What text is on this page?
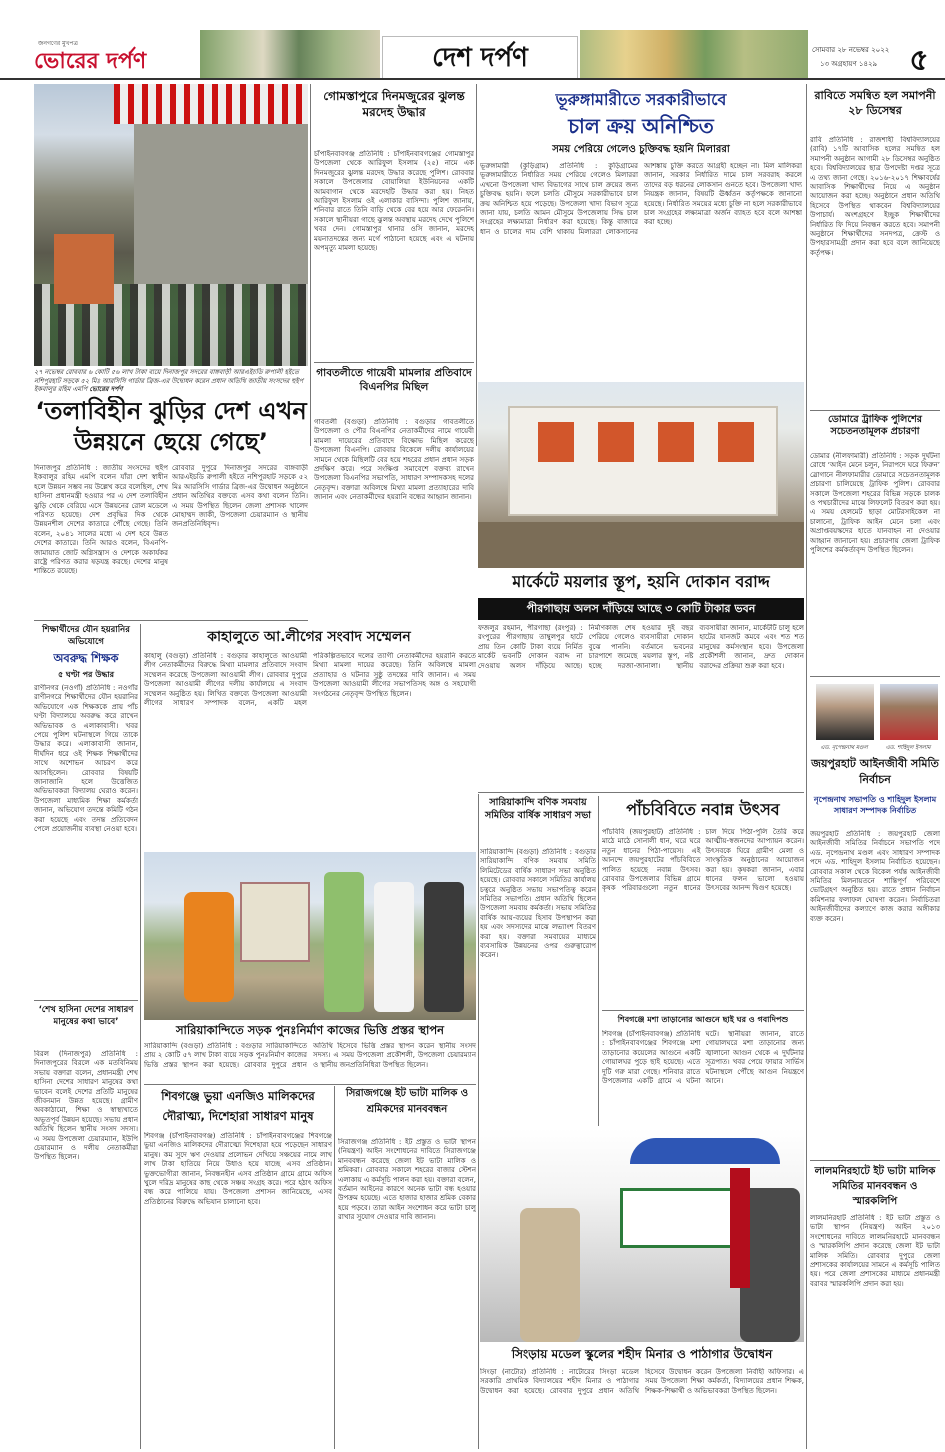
জনগণের মুখপত্র
ভোরের দর্পণ	দেশ দর্পণ	সোমবার ২৮ নভেম্বর ২০২২
১৩ অগ্রহায়ণ ১৪২৯	৫
২৭ নভেম্বর রোববার ৬ কোটি ৫৬ লাখ টাকা ব্যয়ে দিনাজপুর সদরের বাঙ্গবাড়ী আরএইচডি রুপালী হইতে নশিপুরহাট সড়কে ৫২ মিঃ আরসিসি গার্ডার ব্রিজ-এর উদ্বোধন করেন প্রধান অতিথি জাতীয় সংসদের হুইপ ইকবালুর রহিম এমপি ভোরের দর্পণ
‘তলাবিহীন ঝুড়ির দেশ এখন উন্নয়নে ছেয়ে গেছে’
দিনাজপুর প্রতিনিধি : জাতীয় সংসদের হুইপ ইকবালুর রহিম এমপি বলেন যাঁরা দেশ স্বাধীন হলে উন্নয়ন সম্ভব নয় উল্লেখ করে বলেছিল, শেখ হাসিনা প্রধানমন্ত্রী হওয়ার পর এ দেশ তলাবিহীন ঝুড়ি থেকে বেরিয়ে এসে উন্নয়নের রোল মডেলে পরিণত হয়েছে। দেশ প্রবৃদ্ধির দিক থেকে উন্নয়নশীল দেশের কাতারে পৌঁছে গেছে। তিনি বলেন, ২০৪১ সালের মধ্যে এ দেশ হবে উন্নত দেশের কাতারে। তিনি আরও বলেন, বিএনপি-জামায়াত জোট অগ্নিসন্ত্রাস ও দেশকে অকার্যকর রাষ্ট্রে পরিণত করার ষড়যন্ত্র করছে। দেশের মানুষ শান্তিতে রয়েছে।
রোববার দুপুরে দিনাজপুর সদরের বাঙ্গবাড়ী আরএইচডি রুপালী হইতে নশিপুরহাট সড়কে ৫২ মিঃ আরসিসি গার্ডার ব্রিজ-এর উদ্বোধন অনুষ্ঠানে প্রধান অতিথির বক্তব্যে এসব কথা বলেন তিনি। এ সময় উপস্থিত ছিলেন জেলা প্রশাসক খালেদ মোহাম্মদ জাকী, উপজেলা চেয়ারম্যান ও স্থানীয় জনপ্রতিনিধিবৃন্দ।
গোমস্তাপুরে দিনমজুরের ঝুলন্ত মরদেহ উদ্ধার
চাঁপাইনবাবগঞ্জ প্রতিনিধি : চাঁপাইনবাবগঞ্জের গোমস্তাপুর উপজেলা থেকে আরিফুল ইসলাম (২৫) নামে এক দিনমজুরের ঝুলন্ত মরদেহ উদ্ধার করেছে পুলিশ। রোববার সকালে উপজেলার বোয়ালিয়া ইউনিয়নের একটি আমবাগান থেকে মরদেহটি উদ্ধার করা হয়। নিহত আরিফুল ইসলাম ওই এলাকার বাসিন্দা। পুলিশ জানায়, শনিবার রাতে তিনি বাড়ি থেকে বের হয়ে আর ফেরেননি। সকালে স্থানীয়রা গাছে ঝুলন্ত অবস্থায় মরদেহ দেখে পুলিশে খবর দেন। গোমস্তাপুর থানার ওসি জানান, মরদেহ ময়নাতদন্তের জন্য মর্গে পাঠানো হয়েছে এবং এ ঘটনায় অপমৃত্যু মামলা হয়েছে।
গাবতলীতে গায়েবী মামলার প্রতিবাদে বিএনপির মিছিল
গাবতলী (বগুড়া) প্রতিনিধি : বগুড়ার গাবতলীতে উপজেলা ও পৌর বিএনপির নেতাকর্মীদের নামে গায়েবী মামলা দায়েরের প্রতিবাদে বিক্ষোভ মিছিল করেছে উপজেলা বিএনপি। রোববার বিকেলে দলীয় কার্যালয়ের সামনে থেকে মিছিলটি বের হয়ে শহরের প্রধান প্রধান সড়ক প্রদক্ষিণ করে। পরে সংক্ষিপ্ত সমাবেশে বক্তব্য রাখেন উপজেলা বিএনপির সভাপতি, সাধারণ সম্পাদকসহ দলের নেতৃবৃন্দ। বক্তারা অবিলম্বে মিথ্যা মামলা প্রত্যাহারের দাবি জানান এবং নেতাকর্মীদের হয়রানি বন্ধের আহ্বান জানান।
ভূরুঙ্গামারীতে সরকারীভাবে
চাল ক্রয় অনিশ্চিত
সময় পেরিয়ে গেলেও চুক্তিবদ্ধ হয়নি মিলাররা
ভূরুঙ্গামারী (কুড়িগ্রাম) প্রতিনিধি : কুড়িগ্রামের ভূরুঙ্গামারীতে নির্ধারিত সময় পেরিয়ে গেলেও মিলাররা এখনো উপজেলা খাদ্য বিভাগের সাথে চাল ক্রয়ের জন্য চুক্তিবদ্ধ হয়নি। ফলে চলতি মৌসুমে সরকারীভাবে চাল ক্রয় অনিশ্চিত হয়ে পড়েছে। উপজেলা খাদ্য বিভাগ সূত্রে জানা যায়, চলতি আমন মৌসুমে উপজেলায় সিদ্ধ চাল সংগ্রহের লক্ষ্যমাত্রা নির্ধারণ করা হয়েছে। কিন্তু বাজারে ধান ও চালের দাম বেশি থাকায় মিলাররা লোকসানের আশঙ্কায় চুক্তি করতে আগ্রহী হচ্ছেন না। মিল মালিকরা জানান, সরকার নির্ধারিত দামে চাল সরবরাহ করলে তাদের বড় ধরনের লোকসান গুনতে হবে। উপজেলা খাদ্য নিয়ন্ত্রক জানান, বিষয়টি ঊর্ধ্বতন কর্তৃপক্ষকে জানানো হয়েছে। নির্ধারিত সময়ের মধ্যে চুক্তি না হলে সরকারীভাবে চাল সংগ্রহের লক্ষ্যমাত্রা অর্জন ব্যাহত হবে বলে আশঙ্কা করা হচ্ছে।
রাবিতে সমন্বিত হল সমাপনী ২৮ ডিসেম্বর
রাবি প্রতিনিধি : রাজশাহী বিশ্ববিদ্যালয়ের (রাবি) ১৭টি আবাসিক হলের সমন্বিত হল সমাপনী অনুষ্ঠান আগামী ২৮ ডিসেম্বর অনুষ্ঠিত হবে। বিশ্ববিদ্যালয়ের ছাত্র উপদেষ্টা দপ্তর সূত্রে এ তথ্য জানা গেছে। ২০১৬-২০১৭ শিক্ষাবর্ষের আবাসিক শিক্ষার্থীদের নিয়ে এ অনুষ্ঠান আয়োজন করা হচ্ছে। অনুষ্ঠানে প্রধান অতিথি হিসেবে উপস্থিত থাকবেন বিশ্ববিদ্যালয়ের উপাচার্য। অংশগ্রহণে ইচ্ছুক শিক্ষার্থীদের নির্ধারিত ফি দিয়ে নিবন্ধন করতে হবে। সমাপনী অনুষ্ঠানে শিক্ষার্থীদের সনদপত্র, ক্রেস্ট ও উপহারসামগ্রী প্রদান করা হবে বলে জানিয়েছে কর্তৃপক্ষ।
ডোমারে ট্রাফিক পুলিশের সচেতনতামূলক প্রচারণা
ডোমার (নীলফামারী) প্রতিনিধি : সড়ক দুর্ঘটনা রোধে ‘আইন মেনে চলুন, নিরাপদে ঘরে ফিরুন’ স্লোগানে নীলফামারীর ডোমারে সচেতনতামূলক প্রচারণা চালিয়েছে ট্রাফিক পুলিশ। রোববার সকালে উপজেলা শহরের বিভিন্ন সড়কে চালক ও পথচারীদের মাঝে লিফলেট বিতরণ করা হয়। এ সময় হেলমেট ছাড়া মোটরসাইকেল না চালানো, ট্রাফিক আইন মেনে চলা এবং অপ্রাপ্তবয়স্কদের হাতে যানবাহন না দেওয়ার আহ্বান জানানো হয়। প্রচারণায় জেলা ট্রাফিক পুলিশের কর্মকর্তাবৃন্দ উপস্থিত ছিলেন।
মার্কেটে ময়লার স্তূপ, হয়নি দোকান বরাদ্দ
পীরগাছায় অলস দাঁড়িয়ে আছে ৩ কোটি টাকার ভবন
ফজলুর রহমান, পীরগাছা (রংপুর) : রংপুরের পীরগাছায় তাম্বুলপুর হাটে প্রায় তিন কোটি টাকা ব্যয়ে নির্মিত মার্কেট ভবনটি দোকান বরাদ্দ না দেওয়ায় অলস দাঁড়িয়ে আছে। নির্মাণকাজ শেষ হওয়ার দুই বছর পেরিয়ে গেলেও ব্যবসায়ীরা দোকান বুঝে পাননি। বর্তমানে ভবনের চারপাশে জমেছে ময়লার স্তূপ, নষ্ট হচ্ছে দরজা-জানালা। স্থানীয় ব্যবসায়ীরা জানান, মার্কেটটি চালু হলে হাটের যানজট কমবে এবং শত শত মানুষের কর্মসংস্থান হবে। উপজেলা প্রকৌশলী জানান, দ্রুত দোকান বরাদ্দের প্রক্রিয়া শুরু করা হবে।
শিক্ষার্থীদের যৌন হয়রানির অভিযোগে
অবরুদ্ধ শিক্ষক
৫ ঘণ্টা পর উদ্ধার
রাণীনগর (নওগাঁ) প্রতিনিধি : নওগাঁর রাণীনগরে শিক্ষার্থীদের যৌন হয়রানির অভিযোগে এক শিক্ষককে প্রায় পাঁচ ঘণ্টা বিদ্যালয়ে অবরুদ্ধ করে রাখেন অভিভাবক ও এলাকাবাসী। খবর পেয়ে পুলিশ ঘটনাস্থলে গিয়ে তাকে উদ্ধার করে। এলাকাবাসী জানান, দীর্ঘদিন ধরে ওই শিক্ষক শিক্ষার্থীদের সাথে অশোভন আচরণ করে আসছিলেন। রোববার বিষয়টি জানাজানি হলে উত্তেজিত অভিভাবকরা বিদ্যালয় ঘেরাও করেন। উপজেলা মাধ্যমিক শিক্ষা কর্মকর্তা জানান, অভিযোগ তদন্তে কমিটি গঠন করা হয়েছে এবং তদন্ত প্রতিবেদন পেলে প্রয়োজনীয় ব্যবস্থা নেওয়া হবে।
‘শেখ হাসিনা দেশের সাধারণ মানুষের কথা ভাবে’
বিরল (দিনাজপুর) প্রতিনিধি : দিনাজপুরের বিরলে এক মতবিনিময় সভায় বক্তারা বলেন, প্রধানমন্ত্রী শেখ হাসিনা দেশের সাধারণ মানুষের কথা ভাবেন বলেই দেশের প্রতিটি মানুষের জীবনমান উন্নত হয়েছে। গ্রামীণ অবকাঠামো, শিক্ষা ও স্বাস্থ্যখাতে অভূতপূর্ব উন্নয়ন হয়েছে। সভায় প্রধান অতিথি ছিলেন স্থানীয় সংসদ সদস্য। এ সময় উপজেলা চেয়ারম্যান, ইউপি চেয়ারম্যান ও দলীয় নেতাকর্মীরা উপস্থিত ছিলেন।
কাহালুতে আ.লীগের সংবাদ সম্মেলন
কাহালু (বগুড়া) প্রতিনিধি : বগুড়ার কাহালুতে আওয়ামী লীগ নেতাকর্মীদের বিরুদ্ধে মিথ্যা মামলার প্রতিবাদে সংবাদ সম্মেলন করেছে উপজেলা আওয়ামী লীগ। রোববার দুপুরে উপজেলা আওয়ামী লীগের দলীয় কার্যালয়ে এ সংবাদ সম্মেলন অনুষ্ঠিত হয়। লিখিত বক্তব্যে উপজেলা আওয়ামী লীগের সাধারণ সম্পাদক বলেন, একটি মহল পরিকল্পিতভাবে দলের ত্যাগী নেতাকর্মীদের হয়রানি করতে মিথ্যা মামলা দায়ের করেছে। তিনি অবিলম্বে মামলা প্রত্যাহার ও ঘটনার সুষ্ঠু তদন্তের দাবি জানান। এ সময় উপজেলা আওয়ামী লীগের সভাপতিসহ অঙ্গ ও সহযোগী সংগঠনের নেতৃবৃন্দ উপস্থিত ছিলেন।
সারিয়াকান্দিতে সড়ক পুনঃনির্মাণ কাজের ভিত্তি প্রস্তর স্থাপন
সারিয়াকান্দি (বগুড়া) প্রতিনিধি : বগুড়ার সারিয়াকান্দিতে প্রায় ২ কোটি ৫৭ লাখ টাকা ব্যয়ে সড়ক পুনঃনির্মাণ কাজের ভিত্তি প্রস্তর স্থাপন করা হয়েছে। রোববার দুপুরে প্রধান অতিথি হিসেবে ভিত্তি প্রস্তর স্থাপন করেন স্থানীয় সংসদ সদস্য। এ সময় উপজেলা প্রকৌশলী, উপজেলা চেয়ারম্যান ও স্থানীয় জনপ্রতিনিধিরা উপস্থিত ছিলেন।
শিবগঞ্জে ভুয়া এনজিও মালিকদের দৌরাত্ম্য, দিশেহারা সাধারণ মানুষ
শিবগঞ্জ (চাঁপাইনবাবগঞ্জ) প্রতিনিধি : চাঁপাইনবাবগঞ্জের শিবগঞ্জে ভুয়া এনজিও মালিকদের দৌরাত্ম্যে দিশেহারা হয়ে পড়েছেন সাধারণ মানুষ। কম সুদে ঋণ দেওয়ার প্রলোভন দেখিয়ে সঞ্চয়ের নামে লাখ লাখ টাকা হাতিয়ে নিয়ে উধাও হয়ে যাচ্ছে এসব প্রতিষ্ঠান। ভুক্তভোগীরা জানান, নিবন্ধনহীন এসব প্রতিষ্ঠান গ্রামে গ্রামে অফিস খুলে দরিদ্র মানুষের কাছ থেকে সঞ্চয় সংগ্রহ করে। পরে হঠাৎ অফিস বন্ধ করে পালিয়ে যায়। উপজেলা প্রশাসন জানিয়েছে, এসব প্রতিষ্ঠানের বিরুদ্ধে অভিযান চালানো হবে।
সিরাজগঞ্জে ইট ভাটা মালিক ও শ্রমিকদের মানববন্ধন
সিরাজগঞ্জ প্রতিনিধি : ইট প্রস্তুত ও ভাটা স্থাপন (নিয়ন্ত্রণ) আইন সংশোধনের দাবিতে সিরাজগঞ্জে মানববন্ধন করেছে জেলা ইট ভাটা মালিক ও শ্রমিকরা। রোববার সকালে শহরের বাজার স্টেশন এলাকায় এ কর্মসূচি পালন করা হয়। বক্তারা বলেন, বর্তমান আইনের কারণে অনেক ভাটা বন্ধ হওয়ার উপক্রম হয়েছে। এতে হাজার হাজার শ্রমিক বেকার হয়ে পড়বে। তারা আইন সংশোধন করে ভাটা চালু রাখার সুযোগ দেওয়ার দাবি জানান।
সারিয়াকান্দি বণিক সমবায় সমিতির বার্ষিক সাধারণ সভা
সারিয়াকান্দি (বগুড়া) প্রতিনিধি : বগুড়ার সারিয়াকান্দি বণিক সমবায় সমিতি লিমিটেডের বার্ষিক সাধারণ সভা অনুষ্ঠিত হয়েছে। রোববার সকালে সমিতির কার্যালয় চত্বরে অনুষ্ঠিত সভায় সভাপতিত্ব করেন সমিতির সভাপতি। প্রধান অতিথি ছিলেন উপজেলা সমবায় কর্মকর্তা। সভায় সমিতির বার্ষিক আয়-ব্যয়ের হিসাব উপস্থাপন করা হয় এবং সদস্যদের মাঝে লভ্যাংশ বিতরণ করা হয়। বক্তারা সমবায়ের মাধ্যমে ব্যবসায়িক উন্নয়নের ওপর গুরুত্বারোপ করেন।
পাঁচবিবিতে নবান্ন উৎসব
পাঁচবিবি (জয়পুরহাট) প্রতিনিধি : মাঠে মাঠে সোনালী ধান, ঘরে ঘরে নতুন ধানের পিঠা-পায়েস। এই আনন্দে জয়পুরহাটের পাঁচবিবিতে পালিত হয়েছে নবান্ন উৎসব। রোববার উপজেলার বিভিন্ন গ্রামে কৃষক পরিবারগুলো নতুন ধানের চাল দিয়ে পিঠা-পুলি তৈরি করে আত্মীয়-স্বজনদের আপ্যায়ন করেন। উৎসবকে ঘিরে গ্রামীণ মেলা ও সাংস্কৃতিক অনুষ্ঠানের আয়োজন করা হয়। কৃষকরা জানান, এবার ধানের ফলন ভালো হওয়ায় উৎসবের আনন্দ দ্বিগুণ হয়েছে।
শিবগঞ্জে মশা তাড়ানোর আগুনে ছাই ঘর ও গবাদিপশু
শিবগঞ্জ (চাঁপাইনবাবগঞ্জ) প্রতিনিধি : চাঁপাইনবাবগঞ্জের শিবগঞ্জে মশা তাড়ানোর কয়েলের আগুনে একটি গোয়ালঘর পুড়ে ছাই হয়েছে। এতে দুটি গরু মারা গেছে। শনিবার রাতে উপজেলার একটি গ্রামে এ ঘটনা ঘটে। স্থানীয়রা জানান, রাতে গোয়ালঘরে মশা তাড়ানোর জন্য জ্বালানো আগুন থেকে এ দুর্ঘটনার সূত্রপাত। খবর পেয়ে ফায়ার সার্ভিস ঘটনাস্থলে পৌঁছে আগুন নিয়ন্ত্রণে আনে।
সিংড়ায় মডেল স্কুলের শহীদ মিনার ও পাঠাগার উদ্বোধন
সিংড়া (নাটোর) প্রতিনিধি : নাটোরের সিংড়া মডেল সরকারি প্রাথমিক বিদ্যালয়ের শহীদ মিনার ও পাঠাগার উদ্বোধন করা হয়েছে। রোববার দুপুরে প্রধান অতিথি হিসেবে উদ্বোধন করেন উপজেলা নির্বাহী অফিসার। এ সময় উপজেলা শিক্ষা কর্মকর্তা, বিদ্যালয়ের প্রধান শিক্ষক, শিক্ষক-শিক্ষার্থী ও অভিভাবকরা উপস্থিত ছিলেন।
এড. নৃপেন্দ্রনাথ মণ্ডল	এড. শাহিদুল ইসলাম
জয়পুরহাট আইনজীবী সমিতি নির্বাচন
নৃপেন্দ্রনাথ সভাপতি ও শাহিদুল ইসলাম সাধারণ সম্পাদক নির্বাচিত
জয়পুরহাট প্রতিনিধি : জয়পুরহাট জেলা আইনজীবী সমিতির নির্বাচনে সভাপতি পদে এড. নৃপেন্দ্রনাথ মণ্ডল এবং সাধারণ সম্পাদক পদে এড. শাহিদুল ইসলাম নির্বাচিত হয়েছেন। রোববার সকাল থেকে বিকেল পর্যন্ত আইনজীবী সমিতির মিলনায়তনে শান্তিপূর্ণ পরিবেশে ভোটগ্রহণ অনুষ্ঠিত হয়। রাতে প্রধান নির্বাচন কমিশনার ফলাফল ঘোষণা করেন। নির্বাচিতরা আইনজীবীদের কল্যাণে কাজ করার অঙ্গীকার ব্যক্ত করেন।
লালমনিরহাটে ইট ভাটা মালিক সমিতির মানববন্ধন ও স্মারকলিপি
লালমনিরহাট প্রতিনিধি : ইট ভাটা প্রস্তুত ও ভাটা স্থাপন (নিয়ন্ত্রণ) আইন ২০১৩ সংশোধনের দাবিতে লালমনিরহাটে মানববন্ধন ও স্মারকলিপি প্রদান করেছে জেলা ইট ভাটা মালিক সমিতি। রোববার দুপুরে জেলা প্রশাসকের কার্যালয়ের সামনে এ কর্মসূচি পালিত হয়। পরে জেলা প্রশাসকের মাধ্যমে প্রধানমন্ত্রী বরাবর স্মারকলিপি প্রদান করা হয়।
